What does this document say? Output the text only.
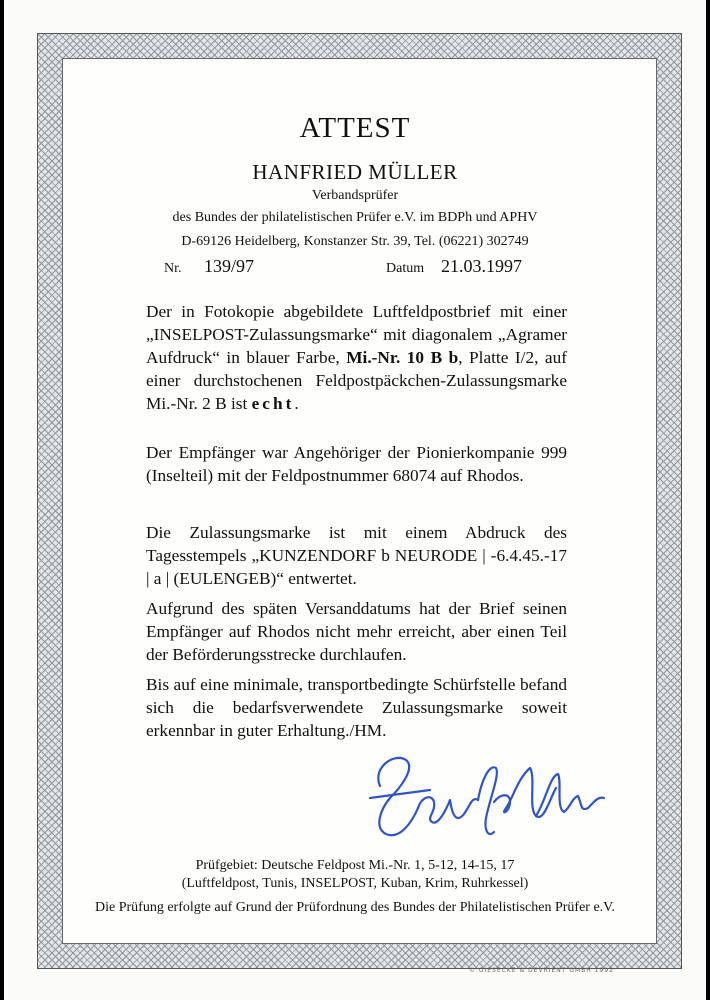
ATTEST
HANFRIED MÜLLER
Verbandsprüfer
des Bundes der philatelistischen Prüfer e.V. im BDPh und APHV
D-69126 Heidelberg, Konstanzer Str. 39, Tel. (06221) 302749
Nr. 139/97	Datum 21.03.1997

Der in Fotokopie abgebildete Luftfeldpostbrief mit einer „INSELPOST-Zulassungsmarke“ mit diagonalem „Agramer Aufdruck“ in blauer Farbe, Mi.-Nr. 10 B b, Platte I/2, auf einer durchstochenen Feldpostpäckchen-Zulassungsmarke Mi.-Nr. 2 B ist echt.

Der Empfänger war Angehöriger der Pionierkompanie 999 (Inselteil) mit der Feldpostnummer 68074 auf Rhodos.

Die Zulassungsmarke ist mit einem Abdruck des Tagesstempels „KUNZENDORF b NEURODE | -6.4.45.-17 | a | (EULENGEB)“ entwertet.

Aufgrund des späten Versanddatums hat der Brief seinen Empfänger auf Rhodos nicht mehr erreicht, aber einen Teil der Beförderungsstrecke durchlaufen.

Bis auf eine minimale, transportbedingte Schürfstelle befand sich die bedarfsverwendete Zulassungsmarke soweit erkennbar in guter Erhaltung./HM.

Prüfgebiet: Deutsche Feldpost Mi.-Nr. 1, 5-12, 14-15, 17
(Luftfeldpost, Tunis, INSELPOST, Kuban, Krim, Ruhrkessel)
Die Prüfung erfolgte auf Grund der Prüfordnung des Bundes der Philatelistischen Prüfer e.V.
© GIESECKE & DEVRIENT GMBH 1992
